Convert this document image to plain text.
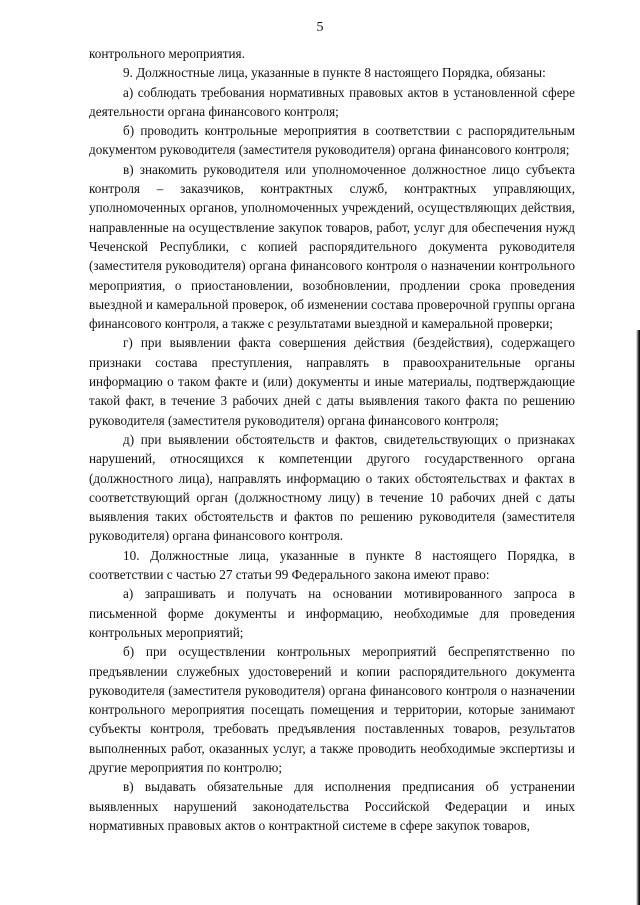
5

контрольного мероприятия.

9. Должностные лица, указанные в пункте 8 настоящего Порядка, обязаны:

а) соблюдать требования нормативных правовых актов в установленной сфере деятельности органа финансового контроля;

б) проводить контрольные мероприятия в соответствии с распорядительным документом руководителя (заместителя руководителя) органа финансового контроля;

в) знакомить руководителя или уполномоченное должностное лицо субъекта контроля – заказчиков, контрактных служб, контрактных управляющих, уполномоченных органов, уполномоченных учреждений, осуществляющих действия, направленные на осуществление закупок товаров, работ, услуг для обеспечения нужд Чеченской Республики, с копией распорядительного документа руководителя (заместителя руководителя) органа финансового контроля о назначении контрольного мероприятия, о приостановлении, возобновлении, продлении срока проведения выездной и камеральной проверок, об изменении состава проверочной группы органа финансового контроля, а также с результатами выездной и камеральной проверки;

г) при выявлении факта совершения действия (бездействия), содержащего признаки состава преступления, направлять в правоохранительные органы информацию о таком факте и (или) документы и иные материалы, подтверждающие такой факт, в течение 3 рабочих дней с даты выявления такого факта по решению руководителя (заместителя руководителя) органа финансового контроля;

д) при выявлении обстоятельств и фактов, свидетельствующих о признаках нарушений, относящихся к компетенции другого государственного органа (должностного лица), направлять информацию о таких обстоятельствах и фактах в соответствующий орган (должностному лицу) в течение 10 рабочих дней с даты выявления таких обстоятельств и фактов по решению руководителя (заместителя руководителя) органа финансового контроля.

10. Должностные лица, указанные в пункте 8 настоящего Порядка, в соответствии с частью 27 статьи 99 Федерального закона имеют право:

а) запрашивать и получать на основании мотивированного запроса в письменной форме документы и информацию, необходимые для проведения контрольных мероприятий;

б) при осуществлении контрольных мероприятий беспрепятственно по предъявлении служебных удостоверений и копии распорядительного документа руководителя (заместителя руководителя) органа финансового контроля о назначении контрольного мероприятия посещать помещения и территории, которые занимают субъекты контроля, требовать предъявления поставленных товаров, результатов выполненных работ, оказанных услуг, а также проводить необходимые экспертизы и другие мероприятия по контролю;

в) выдавать обязательные для исполнения предписания об устранении выявленных нарушений законодательства Российской Федерации и иных нормативных правовых актов о контрактной системе в сфере закупок товаров,
